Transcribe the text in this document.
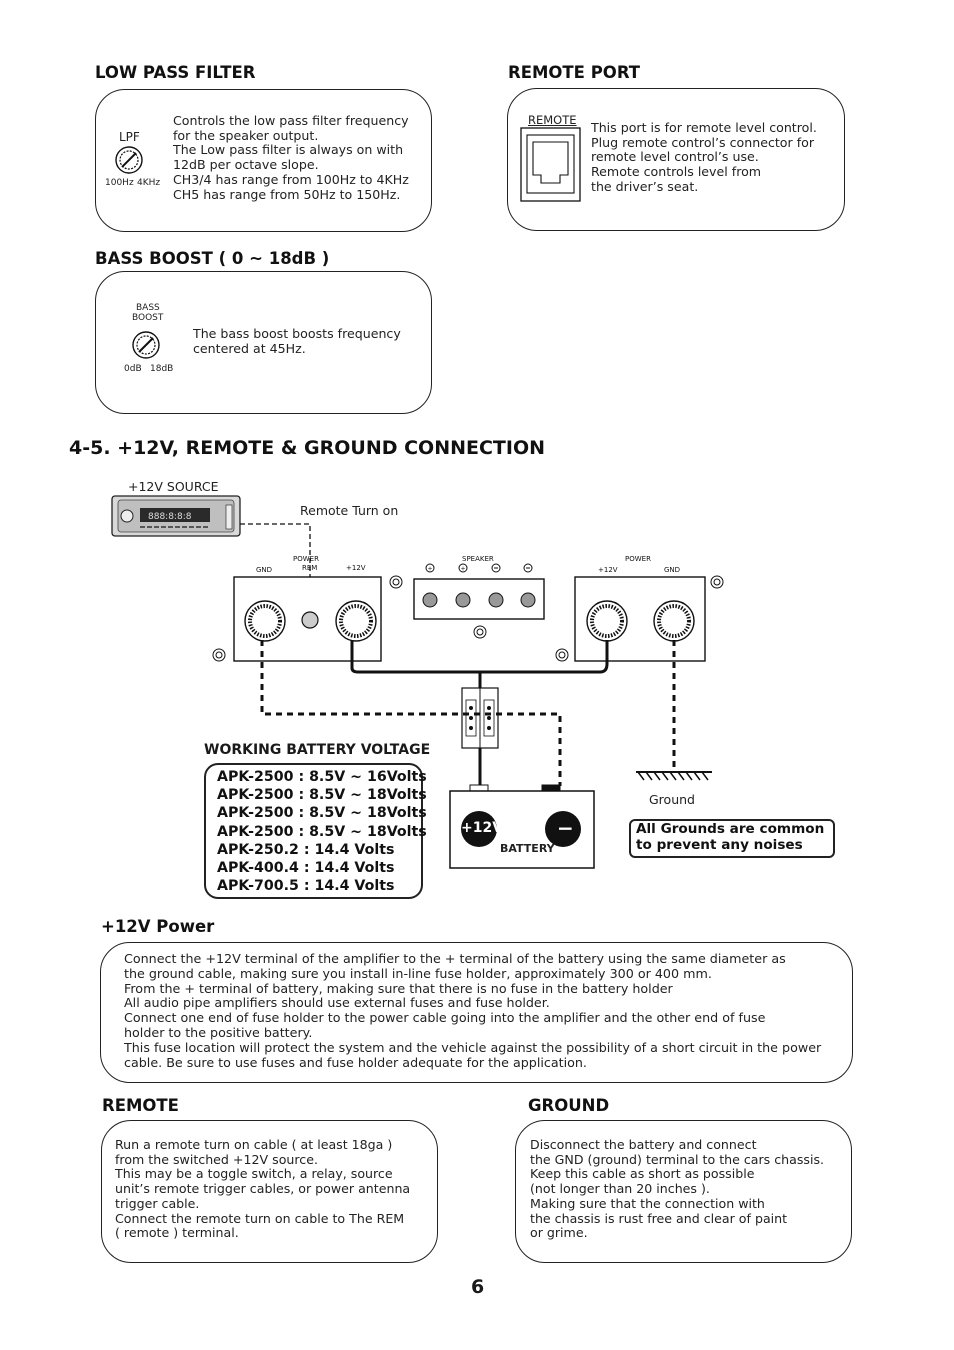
LOW PASS FILTER
LPF
100Hz 4KHz
Controls the low pass filter frequency
for the speaker output.
The Low pass filter is always on with
12dB per octave slope.
CH3/4 has range from 100Hz to 4KHz
CH5 has range from 50Hz to 150Hz.
REMOTE PORT
REMOTE This port is for remote level control.
Plug remote control’s connector for
remote level control’s use.
Remote controls level from
the driver’s seat.
BASS BOOST ( 0 ~ 18dB )
BASS
BOOST
0dB 18dB
The bass boost boosts frequency
centered at 45Hz.
4-5. +12V, REMOTE & GROUND CONNECTION
+12V SOURCE
Remote Turn on
888:8:8:8
GND
POWER
REM	+12V
SPEAKER
+	+
POWER
+12V	GND
+12V	−
BATTERY
Ground
All Grounds are common
to prevent any noises
WORKING BATTERY VOLTAGE
APK-2500 : 8.5V ~ 16Volts
APK-2500 : 8.5V ~ 18Volts
APK-2500 : 8.5V ~ 18Volts
APK-2500 : 8.5V ~ 18Volts
APK-250.2 : 14.4 Volts
APK-400.4 : 14.4 Volts
APK-700.5 : 14.4 Volts
+12V Power
Connect the +12V terminal of the amplifier to the + terminal of the battery using the same diameter as
the ground cable, making sure you install in-line fuse holder, approximately 300 or 400 mm.
From the + terminal of battery, making sure that there is no fuse in the battery holder
All audio pipe amplifiers should use external fuses and fuse holder.
Connect one end of fuse holder to the power cable going into the amplifier and the other end of fuse
holder to the positive battery.
This fuse location will protect the system and the vehicle against the possibility of a short circuit in the power
cable. Be sure to use fuses and fuse holder adequate for the application.
REMOTE
Run a remote turn on cable ( at least 18ga )
from the switched +12V source.
This may be a toggle switch, a relay, source
unit’s remote trigger cables, or power antenna
trigger cable.
Connect the remote turn on cable to The REM
( remote ) terminal.
GROUND
Disconnect the battery and connect
the GND (ground) terminal to the cars chassis.
Keep this cable as short as possible
(not longer than 20 inches ).
Making sure that the connection with
the chassis is rust free and clear of paint
or grime.
6
